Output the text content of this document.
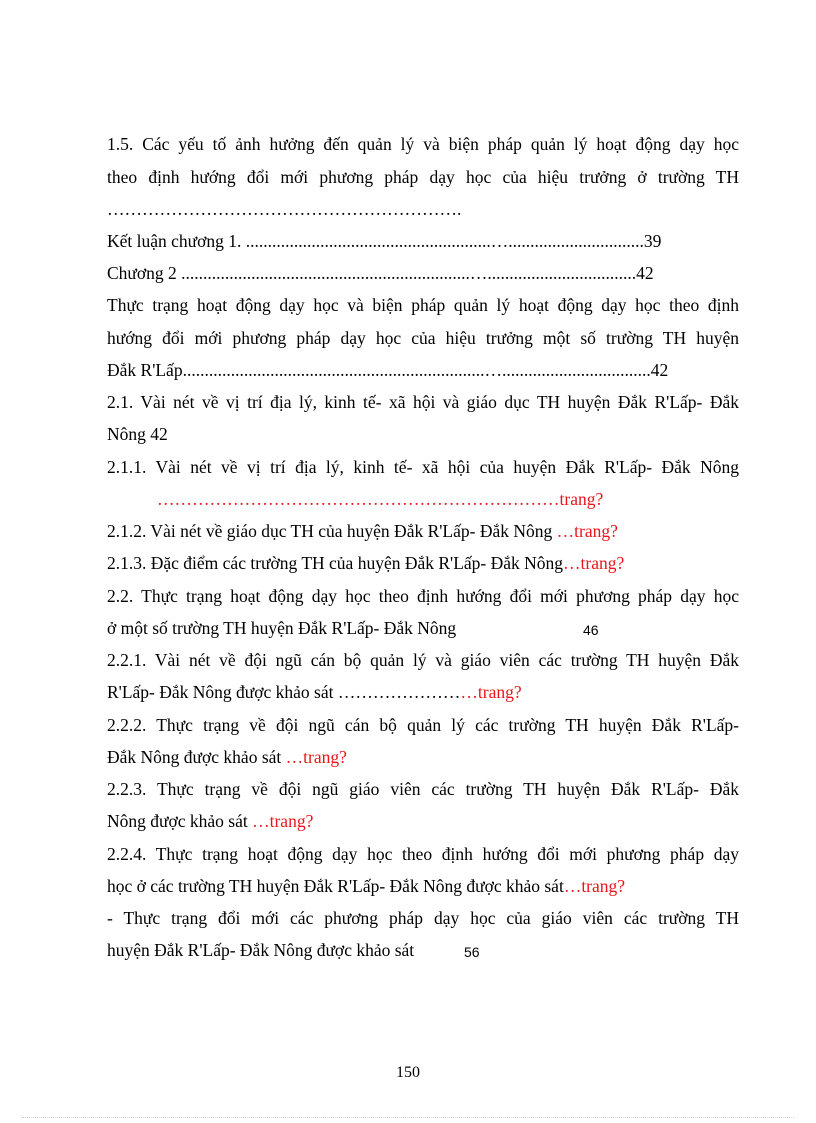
1.5. Các yếu tố ảnh hưởng đến quản lý và biện pháp quản lý hoạt động dạy học
theo định hướng đổi mới phương pháp dạy học của hiệu trưởng ở trường TH
…………………………………………………….
Kết luận chương 1. ........................................................…...............................39
Chương 2 ..................................................................…..................................42
Thực trạng hoạt động dạy học và biện pháp quản lý hoạt động dạy học theo định
hướng đổi mới phương pháp dạy học của hiệu trưởng một số trường TH huyện
Đắk R'Lấp.....................................................................…..................................42
2.1. Vài nét về vị trí địa lý, kinh tế- xã hội và giáo dục TH huyện Đắk R'Lấp- Đắk
Nông 42
2.1.1. Vài nét về vị trí địa lý, kinh tế- xã hội của huyện Đắk R'Lấp- Đắk Nông
……………………………………………………………trang?
2.1.2. Vài nét về giáo dục TH của huyện Đắk R'Lấp- Đắk Nông …trang?
2.1.3. Đặc điểm các trường TH của huyện Đắk R'Lấp- Đắk Nông…trang?
2.2. Thực trạng hoạt động dạy học theo định hướng đổi mới phương pháp dạy học
ở một số trường TH huyện Đắk R'Lấp- Đắk Nông	46
2.2.1. Vài nét về đội ngũ cán bộ quản lý và giáo viên các trường TH huyện Đắk
R'Lấp- Đắk Nông được khảo sát ……………………trang?
2.2.2. Thực trạng về đội ngũ cán bộ quản lý các trường TH huyện Đắk R'Lấp-
Đắk Nông được khảo sát …trang?
2.2.3. Thực trạng về đội ngũ giáo viên các trường TH huyện Đắk R'Lấp- Đắk
Nông được khảo sát …trang?
2.2.4. Thực trạng hoạt động dạy học theo định hướng đổi mới phương pháp dạy
học ở các trường TH huyện Đắk R'Lấp- Đắk Nông được khảo sát…trang?
- Thực trạng đổi mới các phương pháp dạy học của giáo viên các trường TH
huyện Đắk R'Lấp- Đắk Nông được khảo sát	56
150
